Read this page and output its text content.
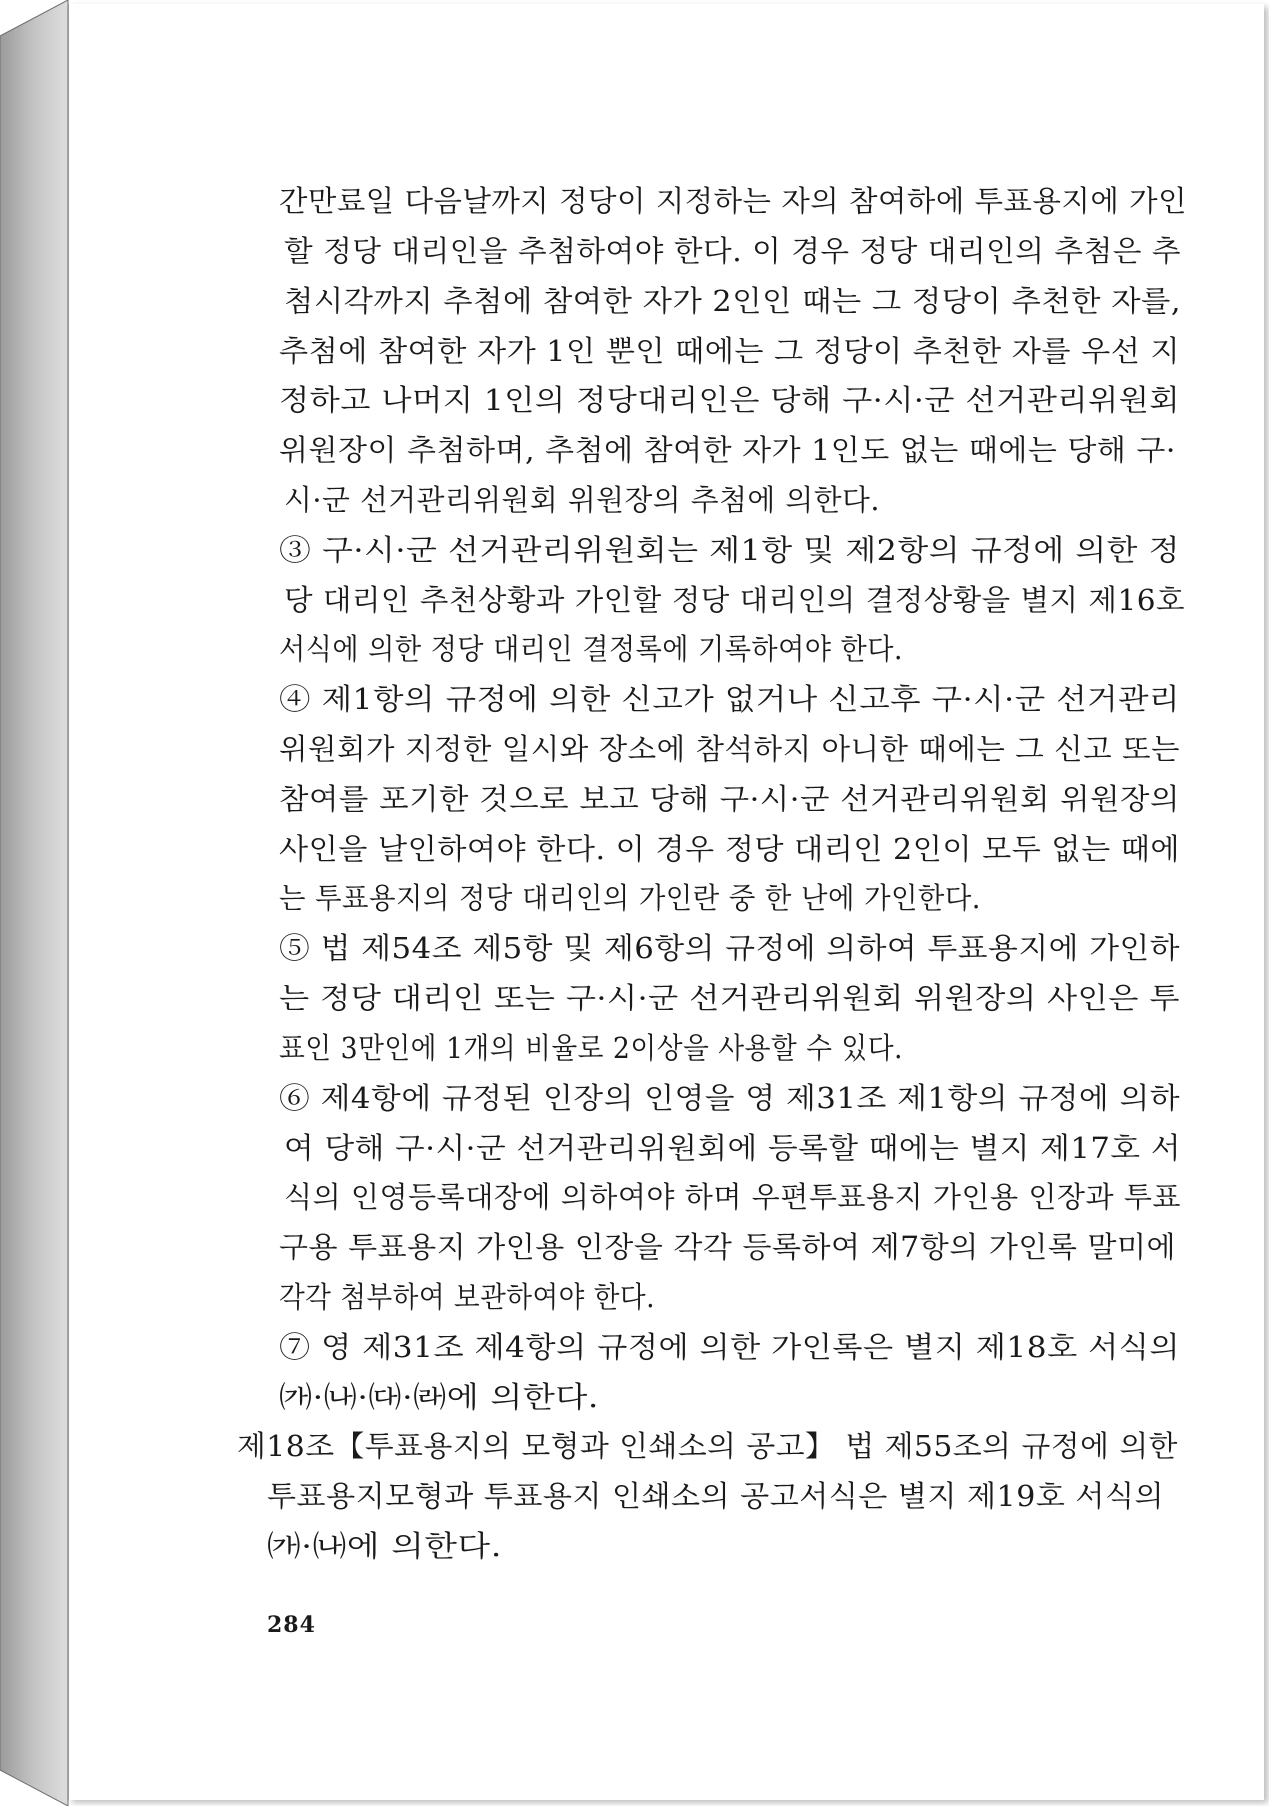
간만료일 다음날까지 정당이 지정하는 자의 참여하에 투표용지에 가인
할 정당 대리인을 추첨하여야 한다. 이 경우 정당 대리인의 추첨은 추
첨시각까지 추첨에 참여한 자가 2인인 때는 그 정당이 추천한 자를,
추첨에 참여한 자가 1인 뿐인 때에는 그 정당이 추천한 자를 우선 지
정하고 나머지 1인의 정당대리인은 당해 구·시·군 선거관리위원회
위원장이 추첨하며, 추첨에 참여한 자가 1인도 없는 때에는 당해 구·
시·군 선거관리위원회 위원장의 추첨에 의한다.
③ 구·시·군 선거관리위원회는 제1항 및 제2항의 규정에 의한 정
당 대리인 추천상황과 가인할 정당 대리인의 결정상황을 별지 제16호
서식에 의한 정당 대리인 결정록에 기록하여야 한다.
④ 제1항의 규정에 의한 신고가 없거나 신고후 구·시·군 선거관리
위원회가 지정한 일시와 장소에 참석하지 아니한 때에는 그 신고 또는
참여를 포기한 것으로 보고 당해 구·시·군 선거관리위원회 위원장의
사인을 날인하여야 한다. 이 경우 정당 대리인 2인이 모두 없는 때에
는 투표용지의 정당 대리인의 가인란 중 한 난에 가인한다.
⑤ 법 제54조 제5항 및 제6항의 규정에 의하여 투표용지에 가인하
는 정당 대리인 또는 구·시·군 선거관리위원회 위원장의 사인은 투
표인 3만인에 1개의 비율로 2이상을 사용할 수 있다.
⑥ 제4항에 규정된 인장의 인영을 영 제31조 제1항의 규정에 의하
여 당해 구·시·군 선거관리위원회에 등록할 때에는 별지 제17호 서
식의 인영등록대장에 의하여야 하며 우편투표용지 가인용 인장과 투표
구용 투표용지 가인용 인장을 각각 등록하여 제7항의 가인록 말미에
각각 첨부하여 보관하여야 한다.
⑦ 영 제31조 제4항의 규정에 의한 가인록은 별지 제18호 서식의
㈎·㈏·㈐·㈑에 의한다.
제18조【투표용지의 모형과 인쇄소의 공고】 법 제55조의 규정에 의한
투표용지모형과 투표용지 인쇄소의 공고서식은 별지 제19호 서식의
㈎·㈏에 의한다.
284
